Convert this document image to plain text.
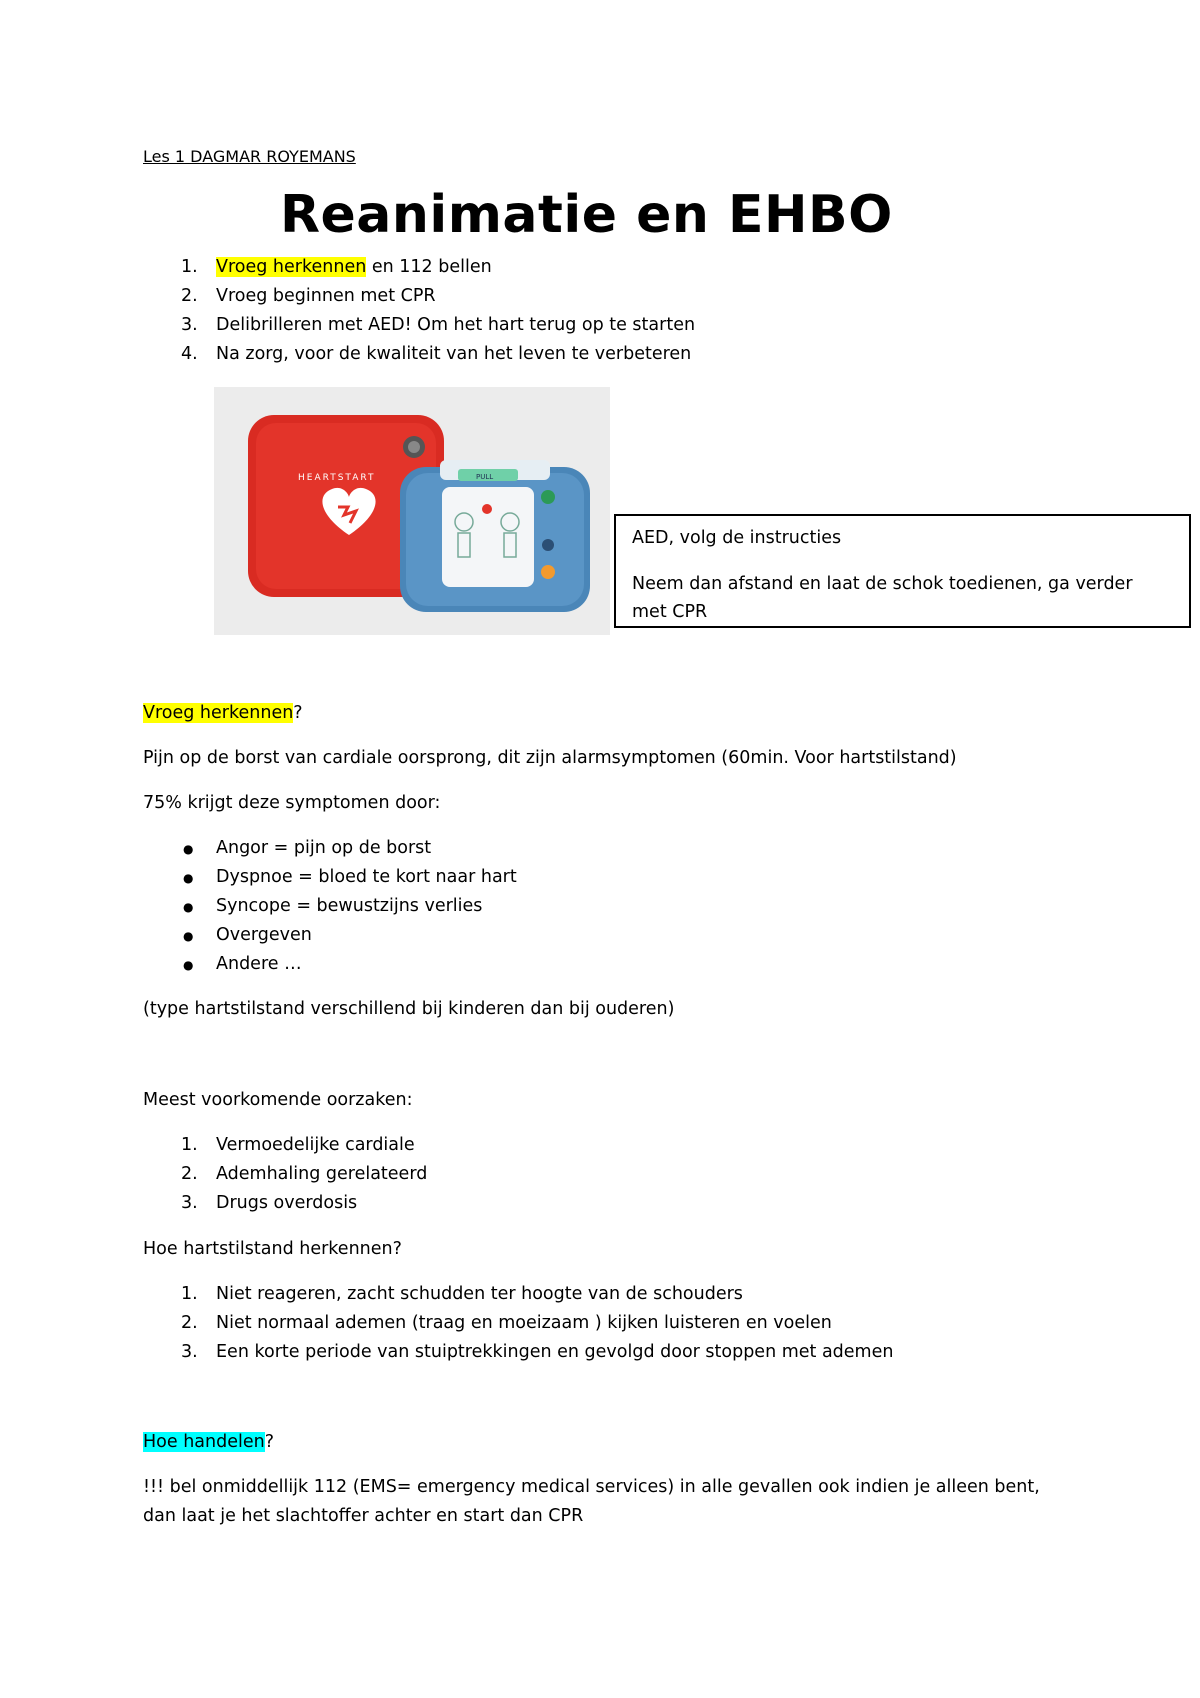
Les 1 DAGMAR ROYEMANS
Reanimatie en EHBO
1.	Vroeg herkennen en 112 bellen
2.	Vroeg beginnen met CPR
3.	Delibrilleren met AED! Om het hart terug op te starten
4.	Na zorg, voor de kwaliteit van het leven te verbeteren
HEARTSTART	PULL
AED, volg de instructies
Neem dan afstand en laat de schok toedienen, ga verder
met CPR
Vroeg herkennen?
Pijn op de borst van cardiale oorsprong, dit zijn alarmsymptomen (60min. Voor hartstilstand)
75% krijgt deze symptomen door:
● Angor = pijn op de borst
● Dyspnoe = bloed te kort naar hart
● Syncope = bewustzijns verlies
● Overgeven
● Andere …
(type hartstilstand verschillend bij kinderen dan bij ouderen)
Meest voorkomende oorzaken:
1.	Vermoedelijke cardiale
2.	Ademhaling gerelateerd
3.	Drugs overdosis
Hoe hartstilstand herkennen?
1.	Niet reageren, zacht schudden ter hoogte van de schouders
2.	Niet normaal ademen (traag en moeizaam ) kijken luisteren en voelen
3.	Een korte periode van stuiptrekkingen en gevolgd door stoppen met ademen
Hoe handelen?
!!! bel onmiddellijk 112 (EMS= emergency medical services) in alle gevallen ook indien je alleen bent,
dan laat je het slachtoffer achter en start dan CPR
